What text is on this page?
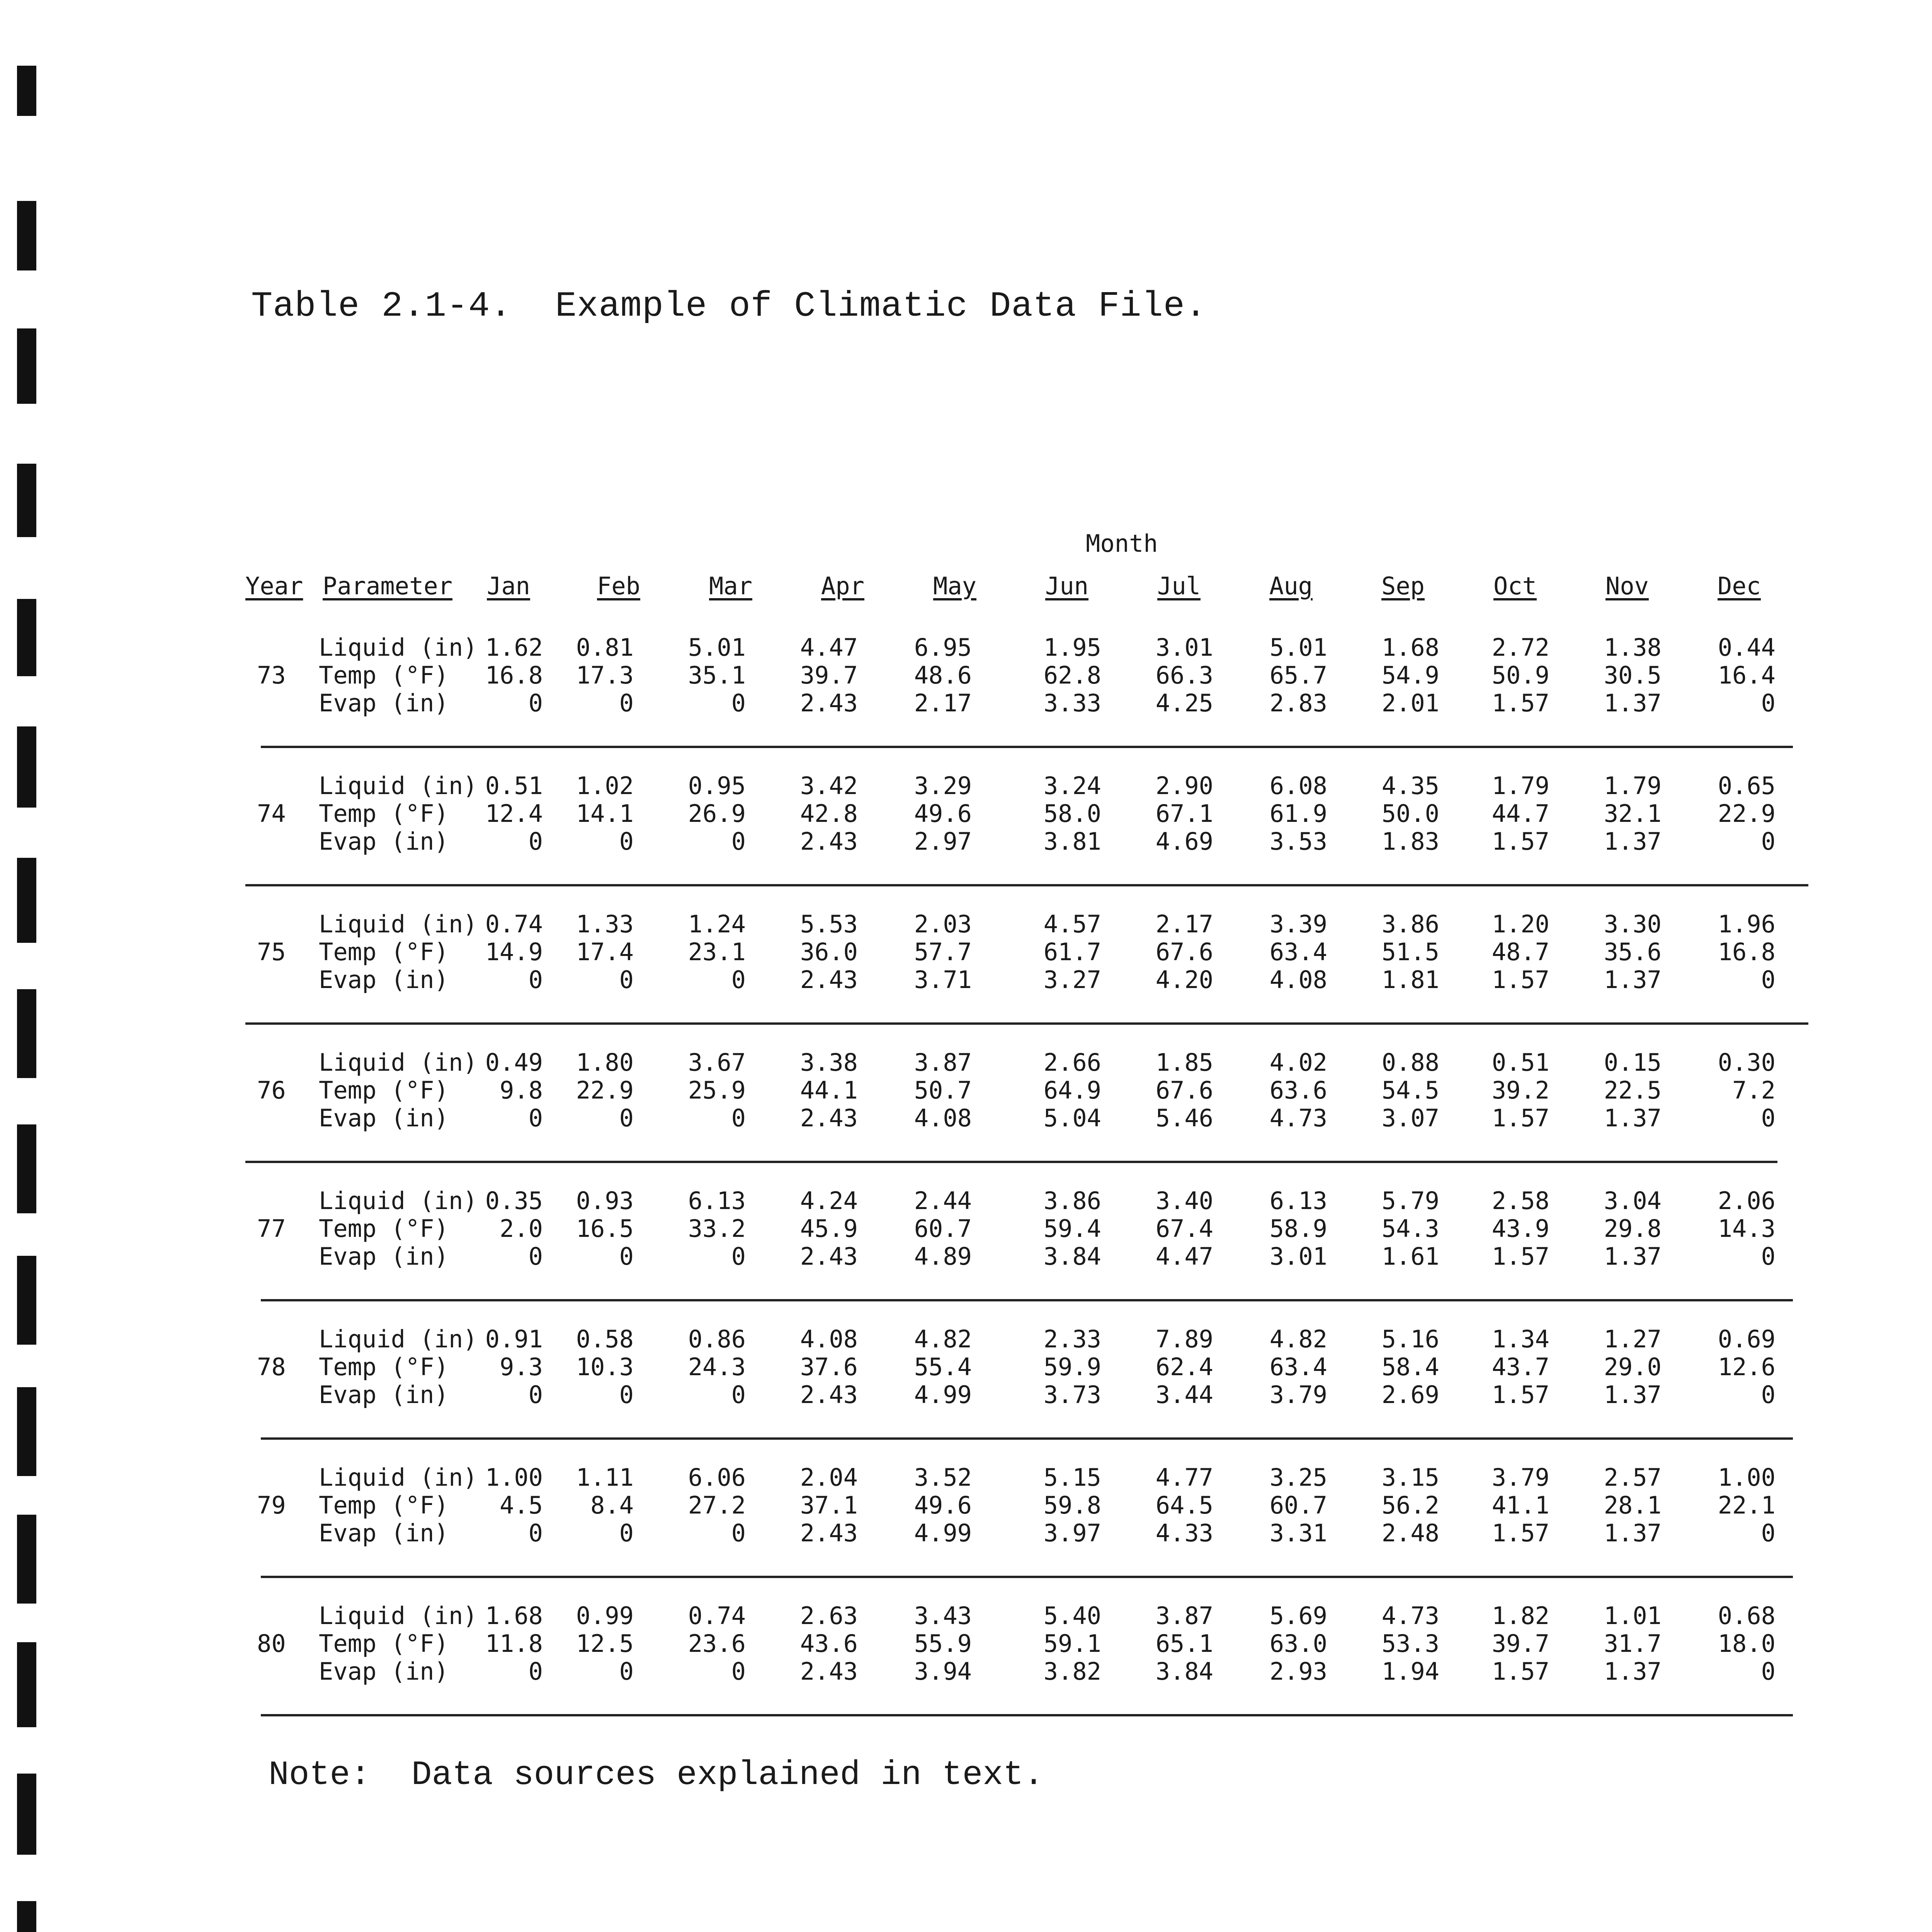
Table 2.1-4.  Example of Climatic Data File.
Month
Year Parameter Jan	Feb	Mar	Apr	May	Jun	Jul	Aug	Sep	Oct	Nov	Dec
73
Liquid (in) 1.62	0.81	5.01	4.47	6.95	1.95	3.01	5.01	1.68	2.72	1.38	0.44
Temp (°F)	16.8	17.3	35.1	39.7	48.6	62.8	66.3	65.7	54.9	50.9	30.5	16.4
Evap (in)	0	0	0	2.43	2.17	3.33	4.25	2.83	2.01	1.57	1.37	0
74
Liquid (in) 0.51	1.02	0.95	3.42	3.29	3.24	2.90	6.08	4.35	1.79	1.79	0.65
Temp (°F)	12.4	14.1	26.9	42.8	49.6	58.0	67.1	61.9	50.0	44.7	32.1	22.9
Evap (in)	0	0	0	2.43	2.97	3.81	4.69	3.53	1.83	1.57	1.37	0
75
Liquid (in) 0.74	1.33	1.24	5.53	2.03	4.57	2.17	3.39	3.86	1.20	3.30	1.96
Temp (°F)	14.9	17.4	23.1	36.0	57.7	61.7	67.6	63.4	51.5	48.7	35.6	16.8
Evap (in)	0	0	0	2.43	3.71	3.27	4.20	4.08	1.81	1.57	1.37	0
76
Liquid (in) 0.49	1.80	3.67	3.38	3.87	2.66	1.85	4.02	0.88	0.51	0.15	0.30
Temp (°F)	9.8	22.9	25.9	44.1	50.7	64.9	67.6	63.6	54.5	39.2	22.5	7.2
Evap (in)	0	0	0	2.43	4.08	5.04	5.46	4.73	3.07	1.57	1.37	0
77
Liquid (in) 0.35	0.93	6.13	4.24	2.44	3.86	3.40	6.13	5.79	2.58	3.04	2.06
Temp (°F)	2.0	16.5	33.2	45.9	60.7	59.4	67.4	58.9	54.3	43.9	29.8	14.3
Evap (in)	0	0	0	2.43	4.89	3.84	4.47	3.01	1.61	1.57	1.37	0
78
Liquid (in) 0.91	0.58	0.86	4.08	4.82	2.33	7.89	4.82	5.16	1.34	1.27	0.69
Temp (°F)	9.3	10.3	24.3	37.6	55.4	59.9	62.4	63.4	58.4	43.7	29.0	12.6
Evap (in)	0	0	0	2.43	4.99	3.73	3.44	3.79	2.69	1.57	1.37	0
79
Liquid (in) 1.00	1.11	6.06	2.04	3.52	5.15	4.77	3.25	3.15	3.79	2.57	1.00
Temp (°F)	4.5	8.4	27.2	37.1	49.6	59.8	64.5	60.7	56.2	41.1	28.1	22.1
Evap (in)	0	0	0	2.43	4.99	3.97	4.33	3.31	2.48	1.57	1.37	0
80
Liquid (in) 1.68	0.99	0.74	2.63	3.43	5.40	3.87	5.69	4.73	1.82	1.01	0.68
Temp (°F)	11.8	12.5	23.6	43.6	55.9	59.1	65.1	63.0	53.3	39.7	31.7	18.0
Evap (in)	0	0	0	2.43	3.94	3.82	3.84	2.93	1.94	1.57	1.37	0
Note:  Data sources explained in text.
